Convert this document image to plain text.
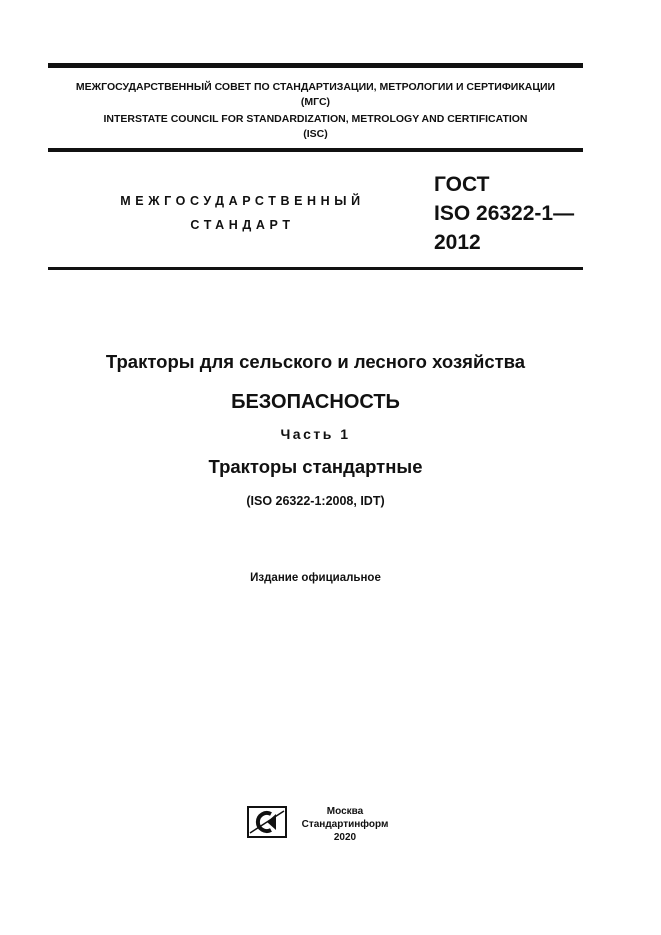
МЕЖГОСУДАРСТВЕННЫЙ СОВЕТ ПО СТАНДАРТИЗАЦИИ, МЕТРОЛОГИИ И СЕРТИФИКАЦИИ
(МГС)
INTERSTATE COUNCIL FOR STANDARDIZATION, METROLOGY AND CERTIFICATION
(ISC)
МЕЖГОСУДАРСТВЕННЫЙ
СТАНДАРТ
ГОСТ
ISO 26322-1—
2012
Тракторы для сельского и лесного хозяйства
БЕЗОПАСНОСТЬ
Часть 1
Тракторы стандартные
(ISO 26322-1:2008, IDT)
Издание официальное
Москва
Стандартинформ
2020
